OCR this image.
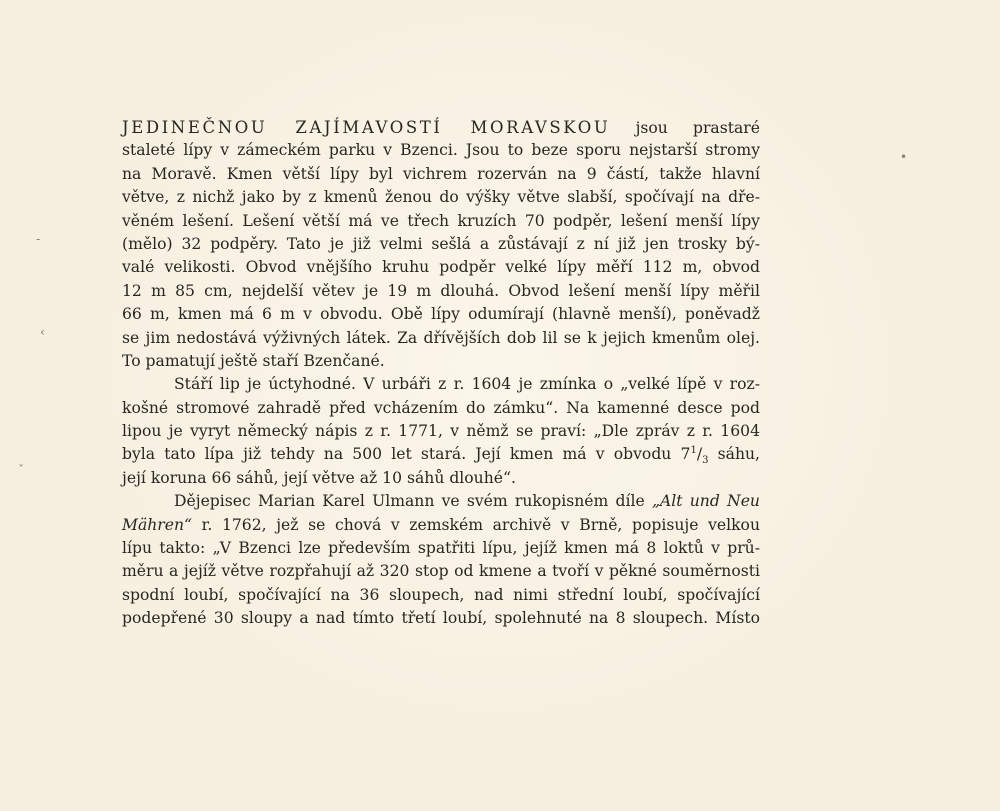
•
-
‹
ˇ
JEDINEČNOU ZAJÍMAVOSTÍ MORAVSKOU jsou prastaré
staleté lípy v zámeckém parku v Bzenci. Jsou to beze sporu nejstarší stromy
na Moravě. Kmen větší lípy byl vichrem rozerván na 9 částí, takže hlavní
větve, z nichž jako by z kmenů ženou do výšky větve slabší, spočívají na dře-
věném lešení. Lešení větší má ve třech kruzích 70 podpěr, lešení menší lípy
(mělo) 32 podpěry. Tato je již velmi sešlá a zůstávají z ní již jen trosky bý-
valé velikosti. Obvod vnějšího kruhu podpěr velké lípy měří 112 m, obvod
12 m 85 cm, nejdelší větev je 19 m dlouhá. Obvod lešení menší lípy měřil
66 m, kmen má 6 m v obvodu. Obě lípy odumírají (hlavně menší), poněvadž
se jim nedostává výživných látek. Za dřívějších dob lil se k jejich kmenům olej.
To pamatují ještě staří Bzenčané.
Stáří lip je úctyhodné. V urbáři z r. 1604 je zmínka o „velké lípě v roz-
košné stromové zahradě před vcházením do zámku“. Na kamenné desce pod
lipou je vyryt německý nápis z r. 1771, v němž se praví: „Dle zpráv z r. 1604
byla tato lípa již tehdy na 500 let stará. Její kmen má v obvodu $7^1/_3$ sáhu,
její koruna 66 sáhů, její větve až 10 sáhů dlouhé“.
Dějepisec Marian Karel Ulmann ve svém rukopisném díle „Alt und Neu
Mähren“ r. 1762, jež se chová v zemském archivě v Brně, popisuje velkou
lípu takto: „V Bzenci lze především spatřiti lípu, jejíž kmen má 8 loktů v prů-
měru a jejíž větve rozpřahují až 320 stop od kmene a tvoří v pěkné souměrnosti
spodní loubí, spočívající na 36 sloupech, nad nimi střední loubí, spočívající
podepřené 30 sloupy a nad tímto třetí loubí, spolehnuté na 8 sloupech. Místo
